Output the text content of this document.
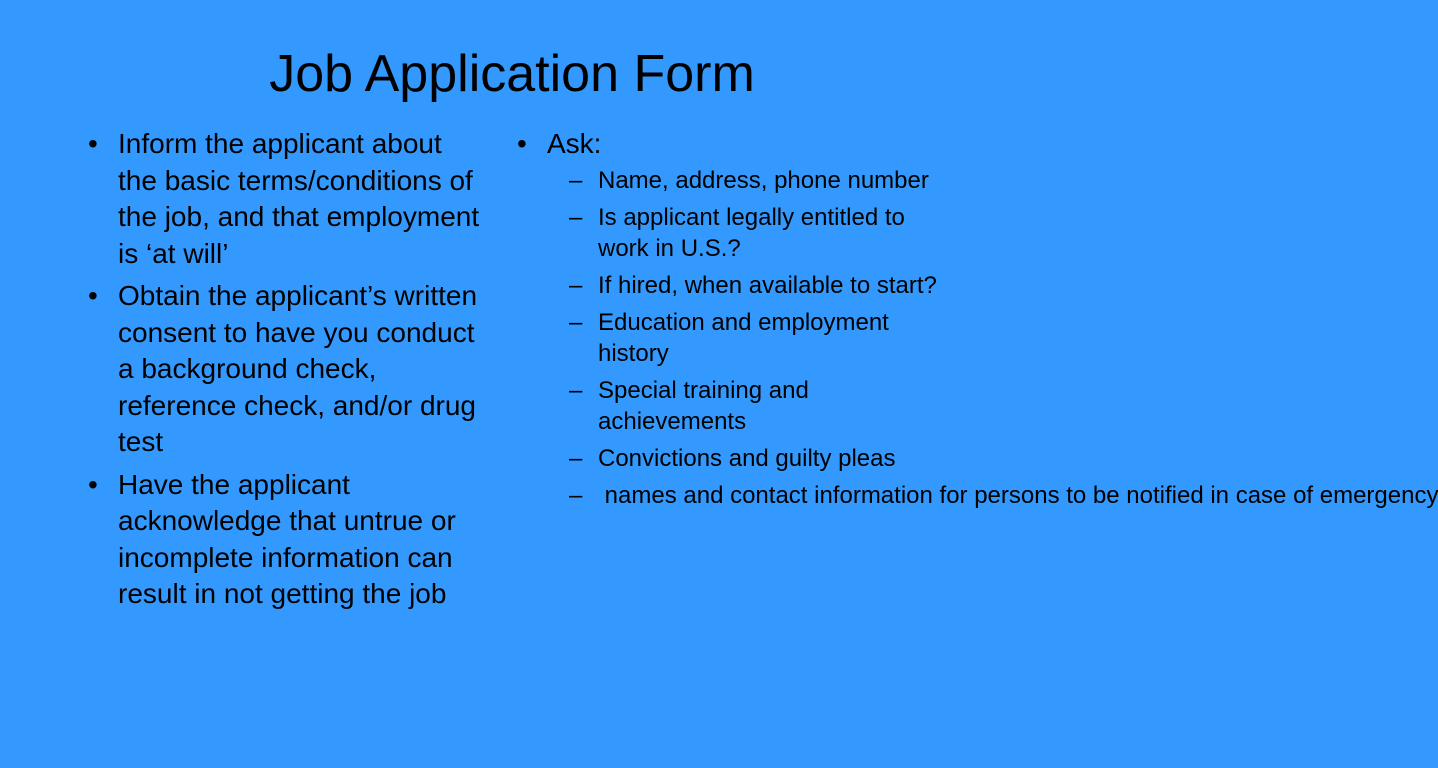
Job Application Form
• Inform the applicant about the basic terms/conditions of the job, and that employment is ‘at will’
• Obtain the applicant’s written consent to have you conduct a background check, reference check, and/or drug test
• Have the applicant acknowledge that untrue or incomplete information can result in not getting the job
• Ask:
– Name, address, phone number
– Is applicant legally entitled to work in U.S.?
– If hired, when available to start?
– Education and employment history
– Special training and achievements
– Convictions and guilty pleas
– names and contact information for persons to be notified in case of emergency
